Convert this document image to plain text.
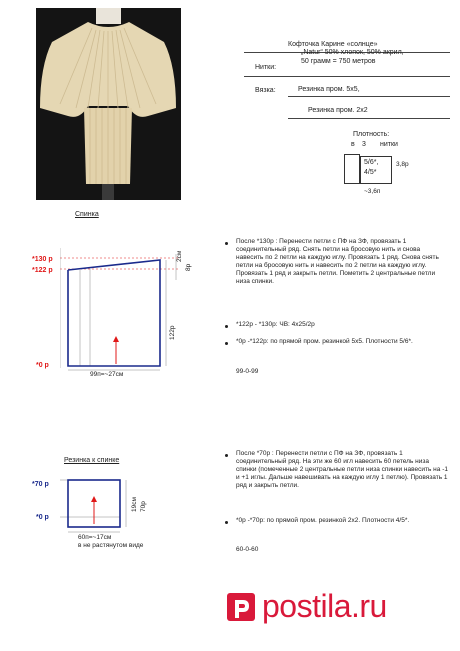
Кофточка Карине «солнце»
Нитки:
„Natur“ 50% хлопок, 50% акрил,
50 грамм = 750 метров
Вязка:	Резинка пром. 5х5,
Резинка пром. 2х2
Плотность:
в 3 нитки
5/6*,
4/5*
3,8р
~3,6п
Спинка
*130 р
*122 р
*0 р
2см
8р
122р
99п=~27см
После *130р : Перенести петли с ПФ на ЗФ, провязать 1 соединительный ряд. Снять петли на бросовую нить и снова навесить по 2 петли на каждую иглу. Провязать 1 ряд. Снова снять петли на бросовую нить и навесить по 2 петли на каждую иглу. Провязать 1 ряд и закрыть петли. Пометить 2 центральные петли низа спинки.
*122р - *130р: ЧВ: 4х25/2р
*0р -*122р: по прямой пром. резинкой 5х5. Плотности 5/6*.
99-0-99
Резинка к спинке
*70 р
*0 р
19см 70р
60п=~17см
в не растянутом виде
После *70р : Перенести петли с ПФ на ЗФ, провязать 1 соединительный ряд. На эти же 60 игл навесить 60 петель низа спинки (помеченные 2 центральные петли низа спинки навесить на -1 и +1 иглы. Дальше навешивать на каждую иглу 1 петлю). Провязать 1 ряд и закрыть петли.
*0р -*70р: по прямой пром. резинкой 2х2. Плотности 4/5*.
60-0-60
postila.ru
